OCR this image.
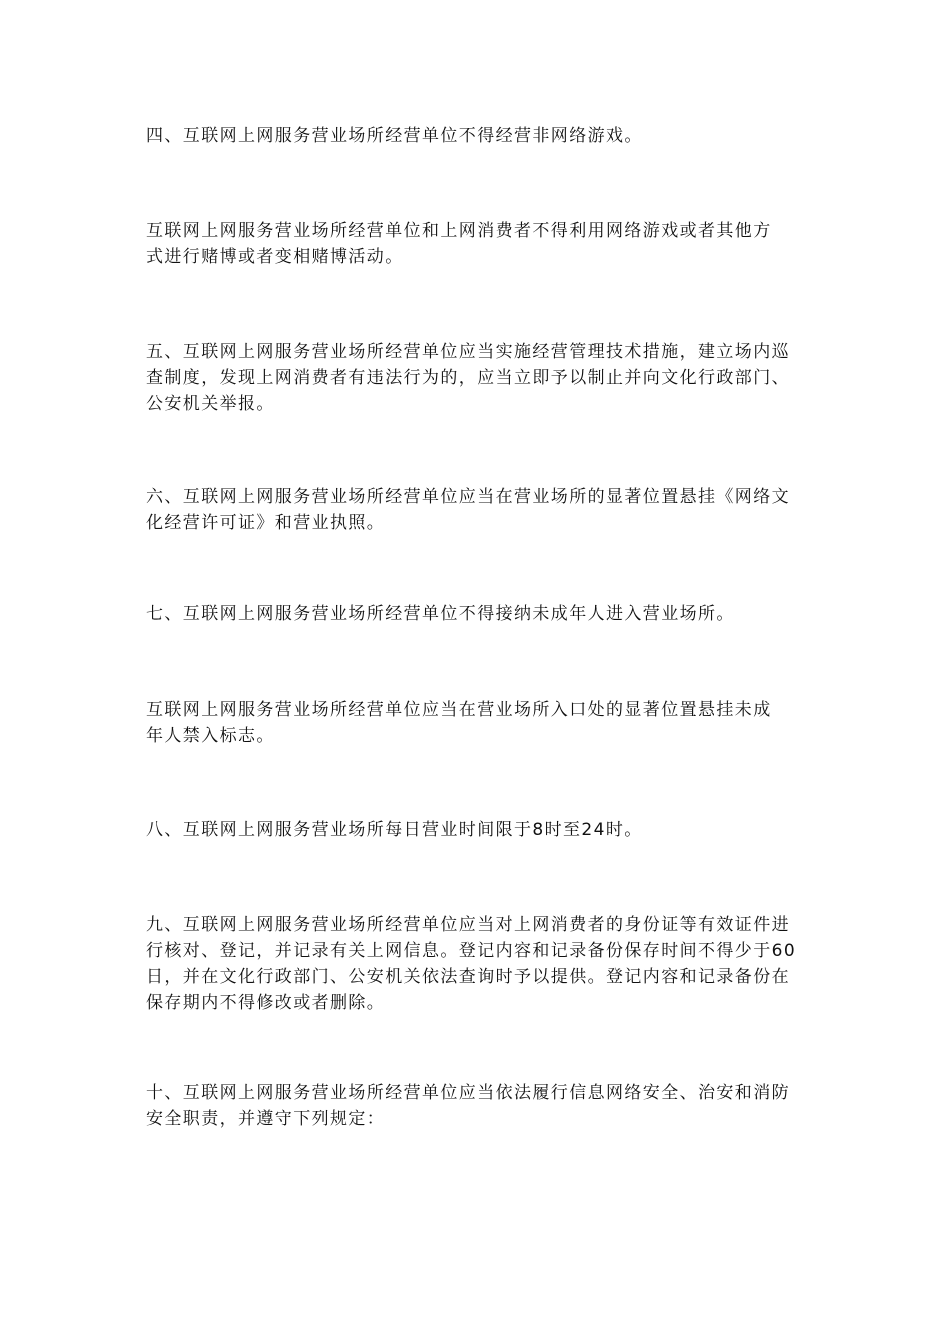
四、互联网上网服务营业场所经营单位不得经营非网络游戏。

互联网上网服务营业场所经营单位和上网消费者不得利用网络游戏或者其他方
式进行赌博或者变相赌博活动。

五、互联网上网服务营业场所经营单位应当实施经营管理技术措施，建立场内巡
查制度，发现上网消费者有违法行为的，应当立即予以制止并向文化行政部门、
公安机关举报。

六、互联网上网服务营业场所经营单位应当在营业场所的显著位置悬挂《网络文
化经营许可证》和营业执照。

七、互联网上网服务营业场所经营单位不得接纳未成年人进入营业场所。

互联网上网服务营业场所经营单位应当在营业场所入口处的显著位置悬挂未成
年人禁入标志。

八、互联网上网服务营业场所每日营业时间限于8时至24时。

九、互联网上网服务营业场所经营单位应当对上网消费者的身份证等有效证件进
行核对、登记，并记录有关上网信息。登记内容和记录备份保存时间不得少于60
日，并在文化行政部门、公安机关依法查询时予以提供。登记内容和记录备份在
保存期内不得修改或者删除。

十、互联网上网服务营业场所经营单位应当依法履行信息网络安全、治安和消防
安全职责，并遵守下列规定：
